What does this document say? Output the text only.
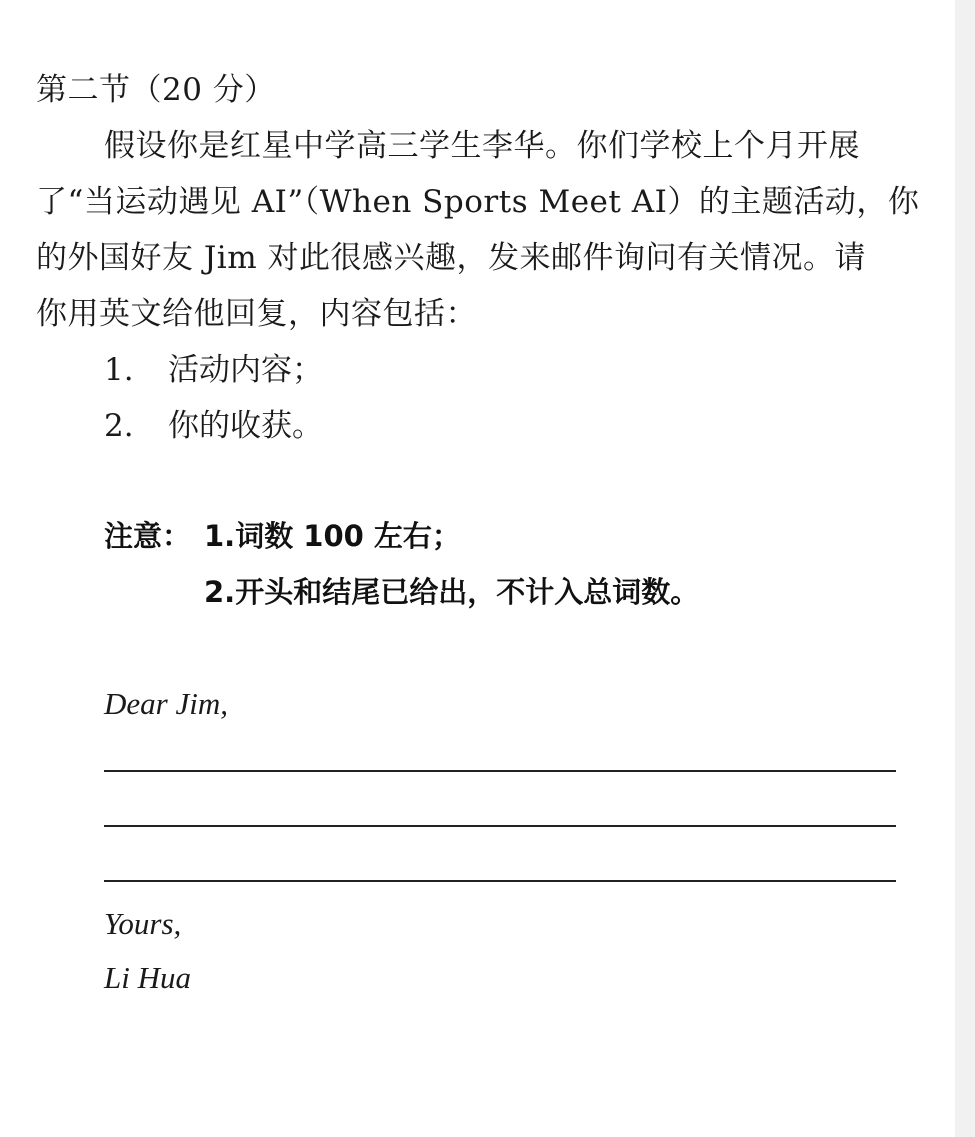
第二节（20 分）
假设你是红星中学高三学生李华。你们学校上个月开展
了“当运动遇见 AI”（When Sports Meet AI）的主题活动，你
的外国好友 Jim 对此很感兴趣，发来邮件询问有关情况。请
你用英文给他回复，内容包括：
1. 活动内容；
2. 你的收获。
注意： 1.词数 100 左右；
2.开头和结尾已给出，不计入总词数。
Dear Jim,
Yours,
Li Hua
